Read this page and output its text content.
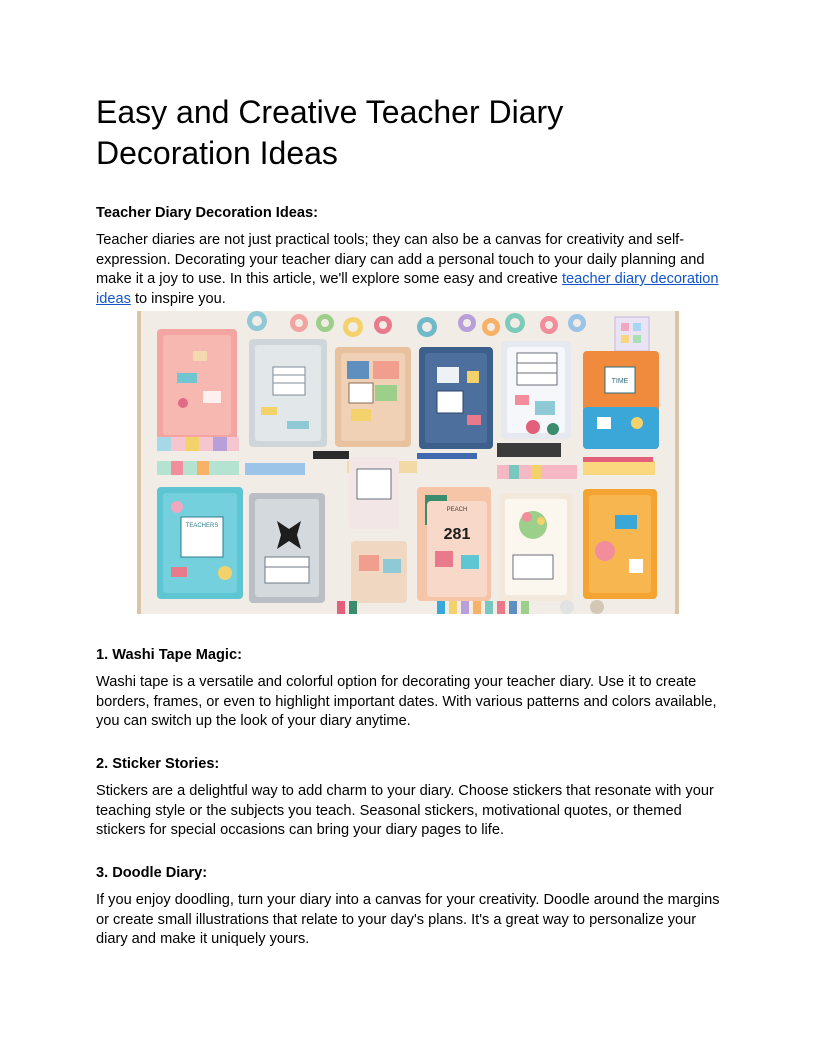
Easy and Creative Teacher Diary Decoration Ideas

Teacher Diary Decoration Ideas:

Teacher diaries are not just practical tools; they can also be a canvas for creativity and self-expression. Decorating your teacher diary can add a personal touch to your daily planning and make it a joy to use. In this article, we'll explore some easy and creative teacher diary decoration ideas to inspire you.

TIME
TEACHERS
PEACH
281

1. Washi Tape Magic:

Washi tape is a versatile and colorful option for decorating your teacher diary. Use it to create borders, frames, or even to highlight important dates. With various patterns and colors available, you can switch up the look of your diary anytime.

2. Sticker Stories:

Stickers are a delightful way to add charm to your diary. Choose stickers that resonate with your teaching style or the subjects you teach. Seasonal stickers, motivational quotes, or themed stickers for special occasions can bring your diary pages to life.

3. Doodle Diary:

If you enjoy doodling, turn your diary into a canvas for your creativity. Doodle around the margins or create small illustrations that relate to your day's plans. It's a great way to personalize your diary and make it uniquely yours.
